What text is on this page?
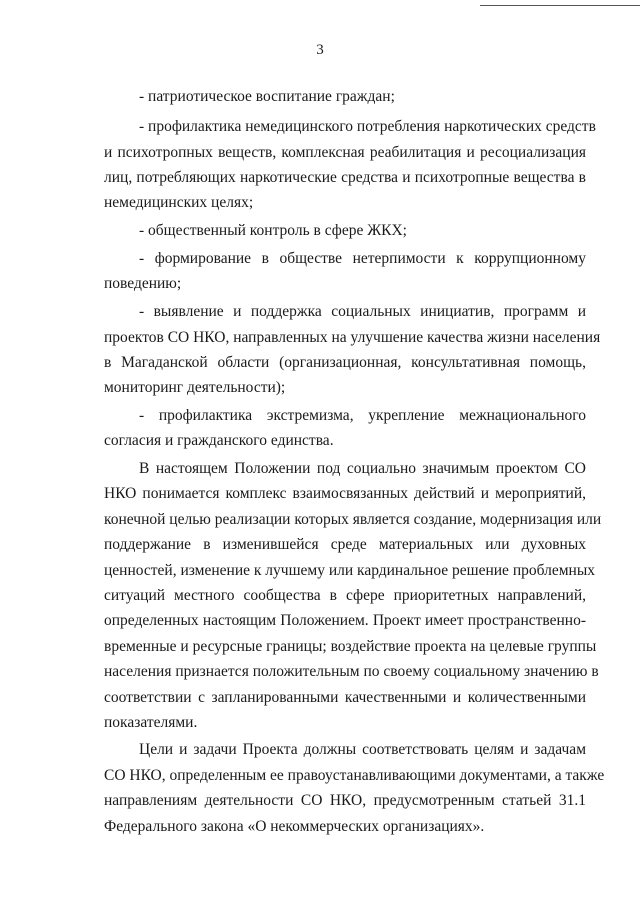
3
- патриотическое воспитание граждан;
- профилактика немедицинского потребления наркотических средств
и психотропных веществ, комплексная реабилитация и ресоциализация
лиц, потребляющих наркотические средства и психотропные вещества в
немедицинских целях;
- общественный контроль в сфере ЖКХ;
- формирование в обществе нетерпимости к коррупционному
поведению;
- выявление и поддержка социальных инициатив, программ и
проектов СО НКО, направленных на улучшение качества жизни населения
в Магаданской области (организационная, консультативная помощь,
мониторинг деятельности);
- профилактика экстремизма, укрепление межнационального
согласия и гражданского единства.
В настоящем Положении под социально значимым проектом СО
НКО понимается комплекс взаимосвязанных действий и мероприятий,
конечной целью реализации которых является создание, модернизация или
поддержание в изменившейся среде материальных или духовных
ценностей, изменение к лучшему или кардинальное решение проблемных
ситуаций местного сообщества в сфере приоритетных направлений,
определенных настоящим Положением. Проект имеет пространственно-
временные и ресурсные границы; воздействие проекта на целевые группы
населения признается положительным по своему социальному значению в
соответствии с запланированными качественными и количественными
показателями.
Цели и задачи Проекта должны соответствовать целям и задачам
СО НКО, определенным ее правоустанавливающими документами, а также
направлениям деятельности СО НКО, предусмотренным статьей 31.1
Федерального закона «О некоммерческих организациях».
